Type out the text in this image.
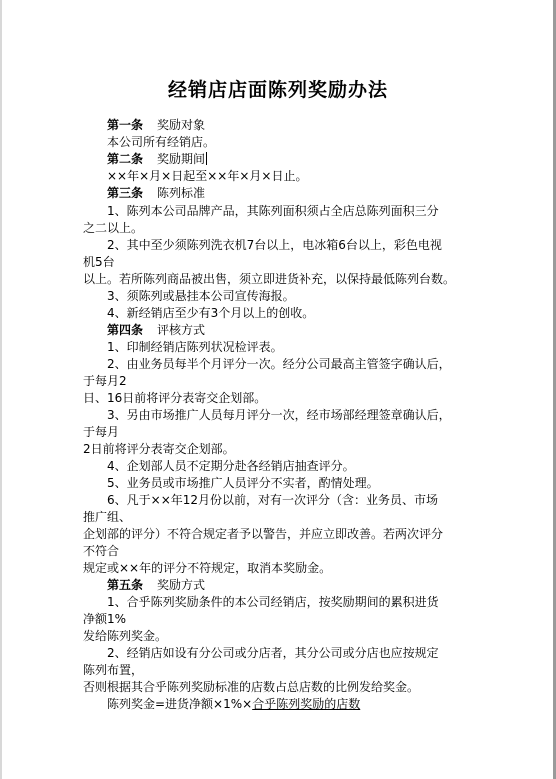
经销店店面陈列奖励办法
第一条 奖励对象
本公司所有经销店。
第二条 奖励期间
××年×月×日起至××年×月×日止。
第三条 陈列标准
1、陈列本公司品牌产品，其陈列面积须占全店总陈列面积三分
之二以上。
2、其中至少须陈列洗衣机7台以上，电冰箱6台以上，彩色电视
机5台
以上。若所陈列商品被出售，须立即进货补充，以保持最低陈列台数。
3、须陈列或悬挂本公司宣传海报。
4、新经销店至少有3个月以上的创收。
第四条 评核方式
1、印制经销店陈列状况检评表。
2、由业务员每半个月评分一次。经分公司最高主管签字确认后，
于每月2
日、16日前将评分表寄交企划部。
3、另由市场推广人员每月评分一次，经市场部经理签章确认后，
于每月
2日前将评分表寄交企划部。
4、企划部人员不定期分赴各经销店抽查评分。
5、业务员或市场推广人员评分不实者，酌情处理。
6、凡于××年12月份以前，对有一次评分（含：业务员、市场
推广组、
企划部的评分）不符合规定者予以警告，并应立即改善。若两次评分
不符合
规定或××年的评分不符规定，取消本奖励金。
第五条 奖励方式
1、合乎陈列奖励条件的本公司经销店，按奖励期间的累积进货
净额1%
发给陈列奖金。
2、经销店如设有分公司或分店者，其分公司或分店也应按规定
陈列布置，
否则根据其合乎陈列奖励标准的店数占总店数的比例发给奖金。
陈列奖金=进货净额×1%×合乎陈列奖励的店数
